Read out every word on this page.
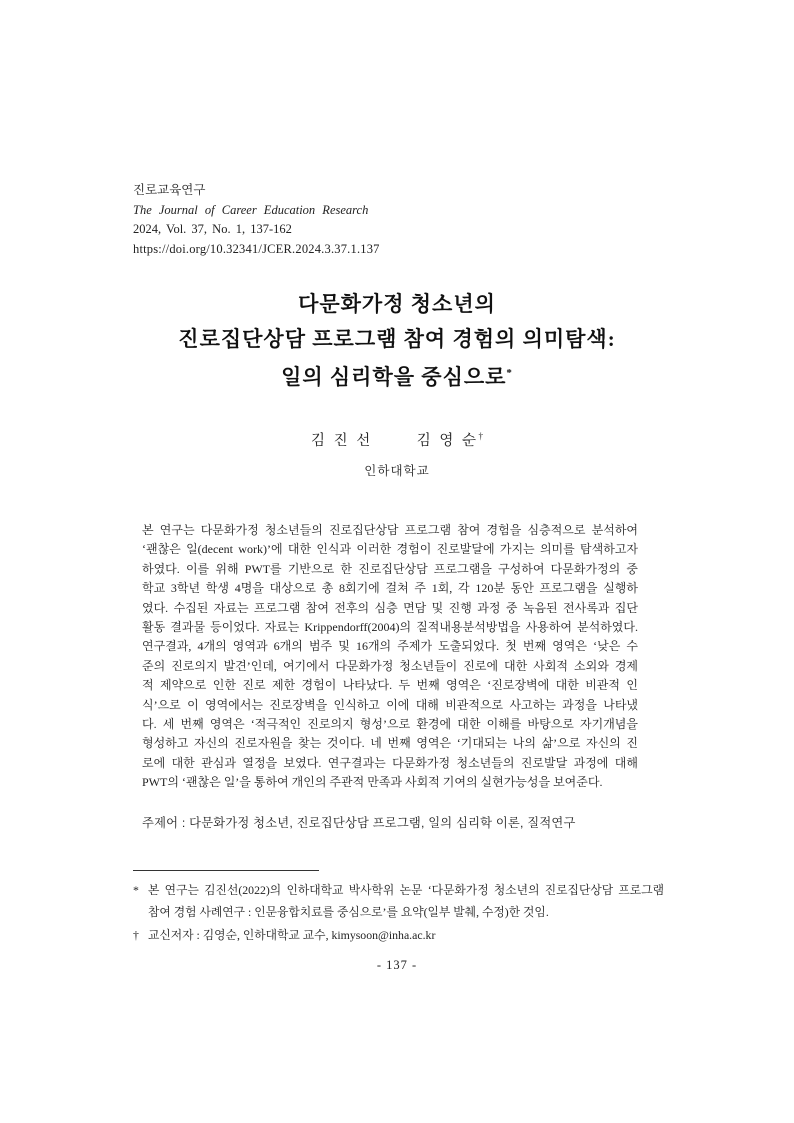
진로교육연구
The Journal of Career Education Research
2024, Vol. 37, No. 1, 137-162
https://doi.org/10.32341/JCER.2024.3.37.1.137
다문화가정 청소년의
진로집단상담 프로그램 참여 경험의 의미탐색:
일의 심리학을 중심으로*
김 진 선	김 영 순†
인하대학교
본 연구는 다문화가정 청소년들의 진로집단상담 프로그램 참여 경험을 심층적으로 분석하여
‘괜찮은 일(decent work)’에 대한 인식과 이러한 경험이 진로발달에 가지는 의미를 탐색하고자
하였다. 이를 위해 PWT를 기반으로 한 진로집단상담 프로그램을 구성하여 다문화가정의 중
학교 3학년 학생 4명을 대상으로 총 8회기에 걸쳐 주 1회, 각 120분 동안 프로그램을 실행하
였다. 수집된 자료는 프로그램 참여 전후의 심층 면담 및 진행 과정 중 녹음된 전사록과 집단
활동 결과물 등이었다. 자료는 Krippendorff(2004)의 질적내용분석방법을 사용하여 분석하였다.
연구결과, 4개의 영역과 6개의 범주 및 16개의 주제가 도출되었다. 첫 번째 영역은 ‘낮은 수
준의 진로의지 발견’인데, 여기에서 다문화가정 청소년들이 진로에 대한 사회적 소외와 경제
적 제약으로 인한 진로 제한 경험이 나타났다. 두 번째 영역은 ‘진로장벽에 대한 비관적 인
식’으로 이 영역에서는 진로장벽을 인식하고 이에 대해 비관적으로 사고하는 과정을 나타냈
다. 세 번째 영역은 ‘적극적인 진로의지 형성’으로 환경에 대한 이해를 바탕으로 자기개념을
형성하고 자신의 진로자원을 찾는 것이다. 네 번째 영역은 ‘기대되는 나의 삶’으로 자신의 진
로에 대한 관심과 열정을 보였다. 연구결과는 다문화가정 청소년들의 진로발달 과정에 대해
PWT의 ‘괜찮은 일’을 통하여 개인의 주관적 만족과 사회적 기여의 실현가능성을 보여준다.
주제어 : 다문화가정 청소년, 진로집단상담 프로그램, 일의 심리학 이론, 질적연구
* 본 연구는 김진선(2022)의 인하대학교 박사학위 논문 ‘다문화가정 청소년의 진로집단상담 프로그램 참여 경험 사례연구 : 인문융합치료를 중심으로’를 요약(일부 발췌, 수정)한 것임.
† 교신저자 : 김영순, 인하대학교 교수, kimysoon@inha.ac.kr
- 137 -
